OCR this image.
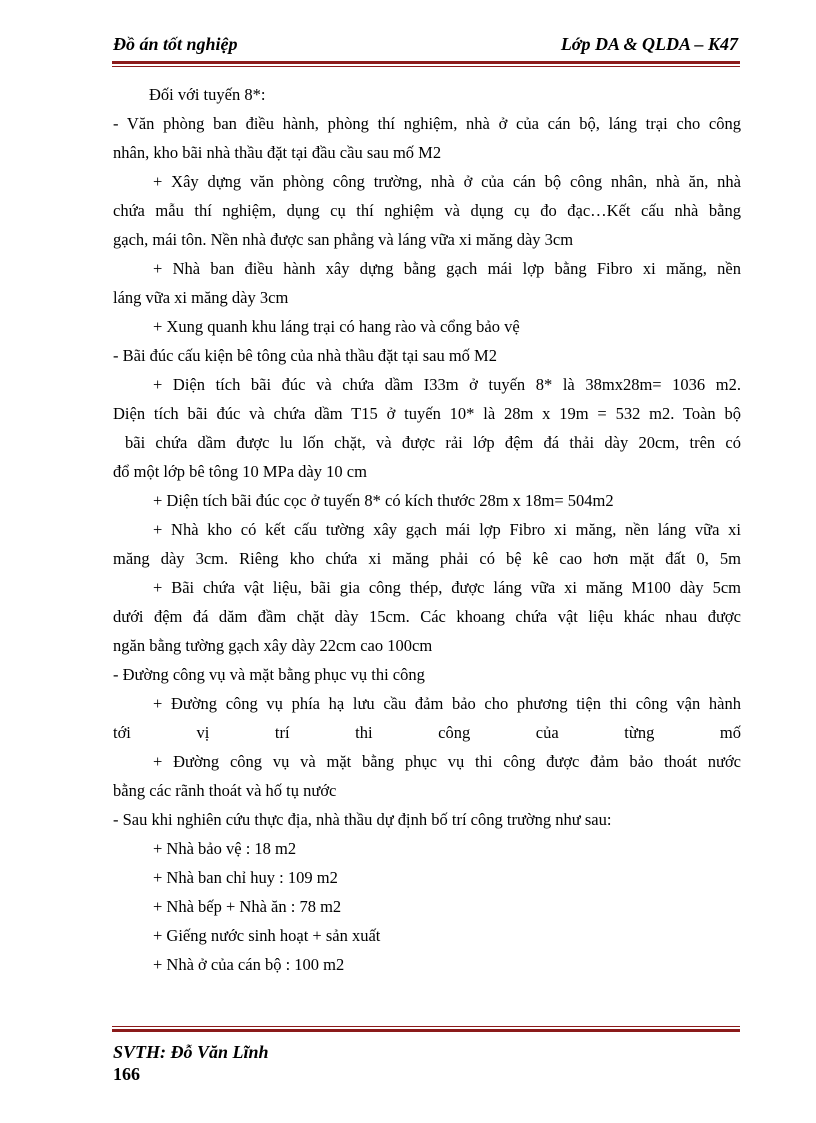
Đồ án tốt nghiệp	Lớp DA & QLDA – K47
Đối với tuyến 8*:
- Văn phòng ban điều hành, phòng thí nghiệm, nhà ở của cán bộ, láng trại cho công
nhân, kho bãi nhà thầu đặt tại đầu cầu sau mố M2
+ Xây dựng văn phòng công trường, nhà ở của cán bộ công nhân, nhà ăn, nhà
chứa mẫu thí nghiệm, dụng cụ thí nghiệm và dụng cụ đo đạc…Kết cấu nhà bằng
gạch, mái tôn. Nền nhà được san phẳng và láng vữa xi măng dày 3cm
+ Nhà ban điều hành xây dựng bằng gạch mái lợp bằng Fibro xi măng, nền
láng vữa xi măng dày 3cm
+ Xung quanh khu láng trại có hang rào và cổng bảo vệ
- Bãi đúc cấu kiện bê tông của nhà thầu đặt tại sau mố M2
+ Diện tích bãi đúc và chứa dầm I33m ở tuyến 8* là 38mx28m= 1036 m2.
Diện tích bãi đúc và chứa dầm T15 ở tuyến 10* là 28m x 19m = 532 m2. Toàn bộ
bãi chứa dầm được lu lốn chặt, và được rải lớp đệm đá thải dày 20cm, trên có
đổ một lớp bê tông 10 MPa dày 10 cm
+ Diện tích bãi đúc cọc ở tuyến 8* có kích thước 28m x 18m= 504m2
+ Nhà kho có kết cấu tường xây gạch mái lợp Fibro xi măng, nền láng vữa xi
măng dày 3cm. Riêng kho chứa xi măng phải có bệ kê cao hơn mặt đất 0, 5m
+ Bãi chứa vật liệu, bãi gia công thép, được láng vữa xi măng M100 dày 5cm
dưới đệm đá dăm đầm chặt dày 15cm. Các khoang chứa vật liệu khác nhau được
ngăn bằng tường gạch xây dày 22cm cao 100cm
- Đường công vụ và mặt bằng phục vụ thi công
+ Đường công vụ phía hạ lưu cầu đảm bảo cho phương tiện thi công vận hành
tới vị trí thi công của từng mố
+ Đường công vụ và mặt bằng phục vụ thi công được đảm bảo thoát nước
bằng các rãnh thoát và hố tụ nước
- Sau khi nghiên cứu thực địa, nhà thầu dự định bố trí công trường như sau:
+ Nhà bảo vệ : 18 m2
+ Nhà ban chỉ huy : 109 m2
+ Nhà bếp + Nhà ăn : 78 m2
+ Giếng nước sinh hoạt + sản xuất
+ Nhà ở của cán bộ : 100 m2
SVTH: Đỗ Văn Lĩnh
166
